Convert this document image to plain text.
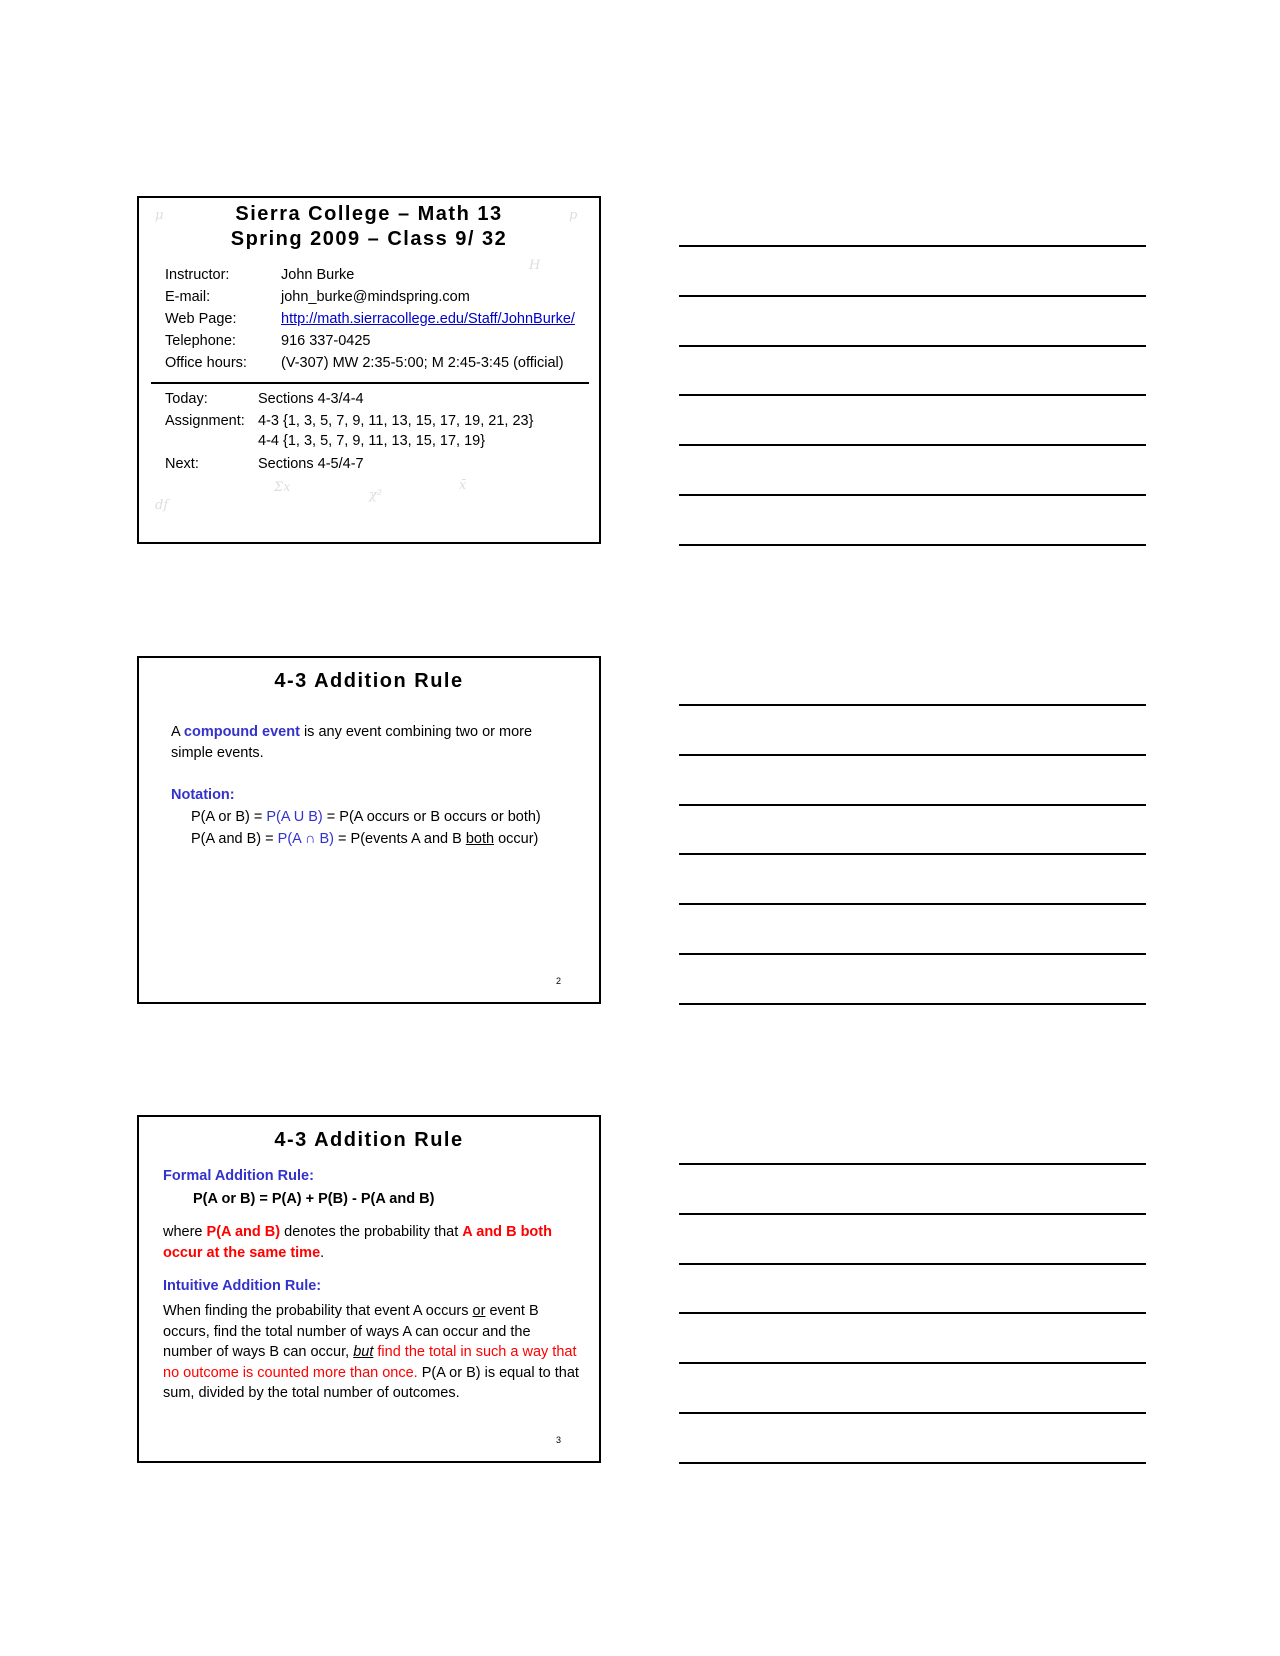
μ	p
H
Σx
df
χ²
x̄
Sierra College – Math 13
Spring 2009 – Class 9/ 32
Instructor:	John Burke
E-mail:	john_burke@mindspring.com
Web Page:	http://math.sierracollege.edu/Staff/JohnBurke/
Telephone:	916 337-0425
Office hours: (V-307) MW 2:35-5:00; M 2:45-3:45 (official)
Today:	Sections 4-3/4-4
Assignment: 4-3 {1, 3, 5, 7, 9, 11, 13, 15, 17, 19, 21, 23}
4-4 {1, 3, 5, 7, 9, 11, 13, 15, 17, 19}
Next:	Sections 4-5/4-7
4-3 Addition Rule
A compound event is any event combining two or more
simple events.
Notation:
P(A or B) = P(A U B) = P(A occurs or B occurs or both)
P(A and B) = P(A ∩ B) = P(events A and B both occur)
2
4-3 Addition Rule
Formal Addition Rule:
P(A or B) = P(A) + P(B) - P(A and B)
where P(A and B) denotes the probability that A and B both occur at the same time.
Intuitive Addition Rule:
When finding the probability that event A occurs or event B occurs, find the total number of ways A can occur and the number of ways B can occur, but find the total in such a way that no outcome is counted more than once. P(A or B) is equal to that sum, divided by the total number of outcomes.
3
